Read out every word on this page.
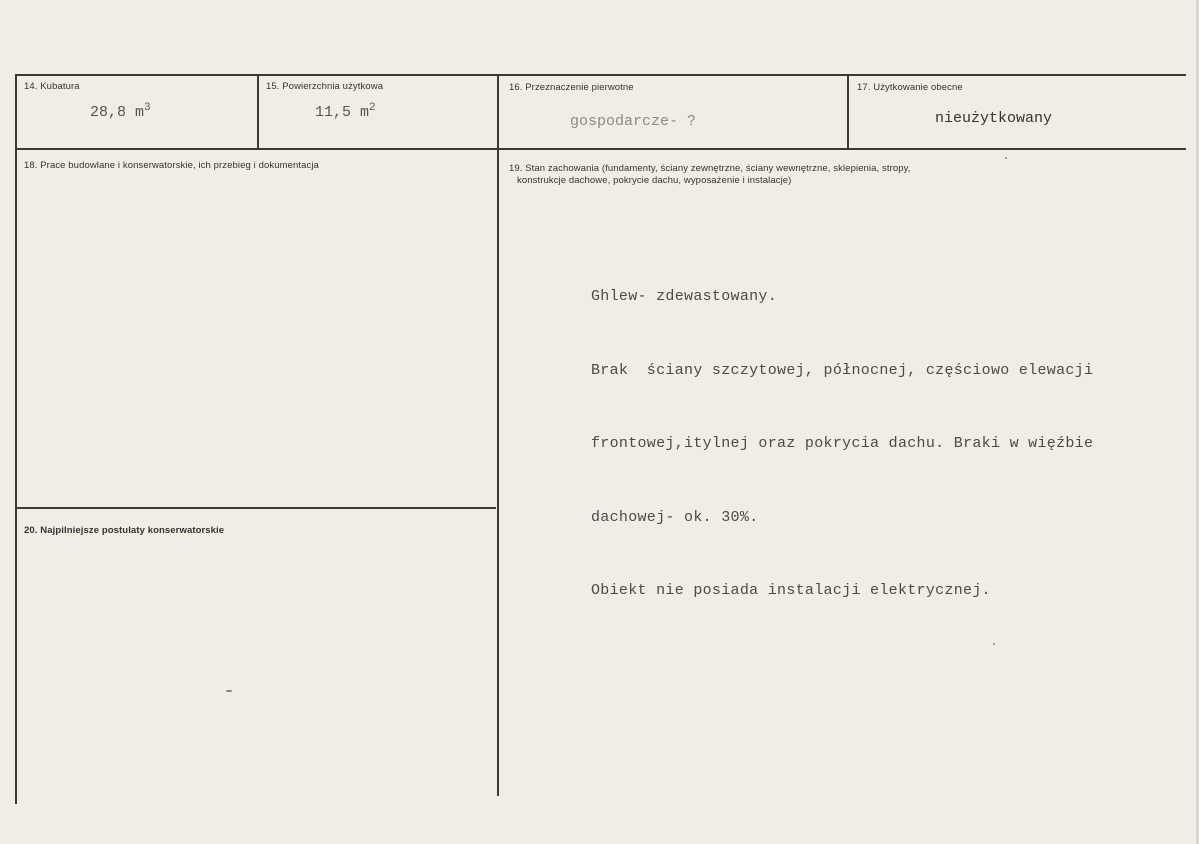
14. Kubatura
28,8 $m^3$
15. Powierzchnia użytkowa
11,5 $m^2$
16. Przeznaczenie pierwotne
gospodarcze- ?
17. Użytkowanie obecne
nieużytkowany
18. Prace budowlane i konserwatorskie, ich przebieg i dokumentacja	19. Stan zachowania (fundamenty, ściany zewnętrzne, ściany wewnętrzne, sklepienia, stropy,
konstrukcje dachowe, pokrycie dachu, wyposażenie i instalacje)

Ghlew- zdewastowany.

Brak  ściany szczytowej, północnej, częściowo elewacji

frontowej,itylnej oraz pokrycia dachu. Braki w więźbie

dachowej- ok. 30%.

Obiekt nie posiada instalacji elektrycznej.

20. Najpilniejsze postulaty konserwatorskie
